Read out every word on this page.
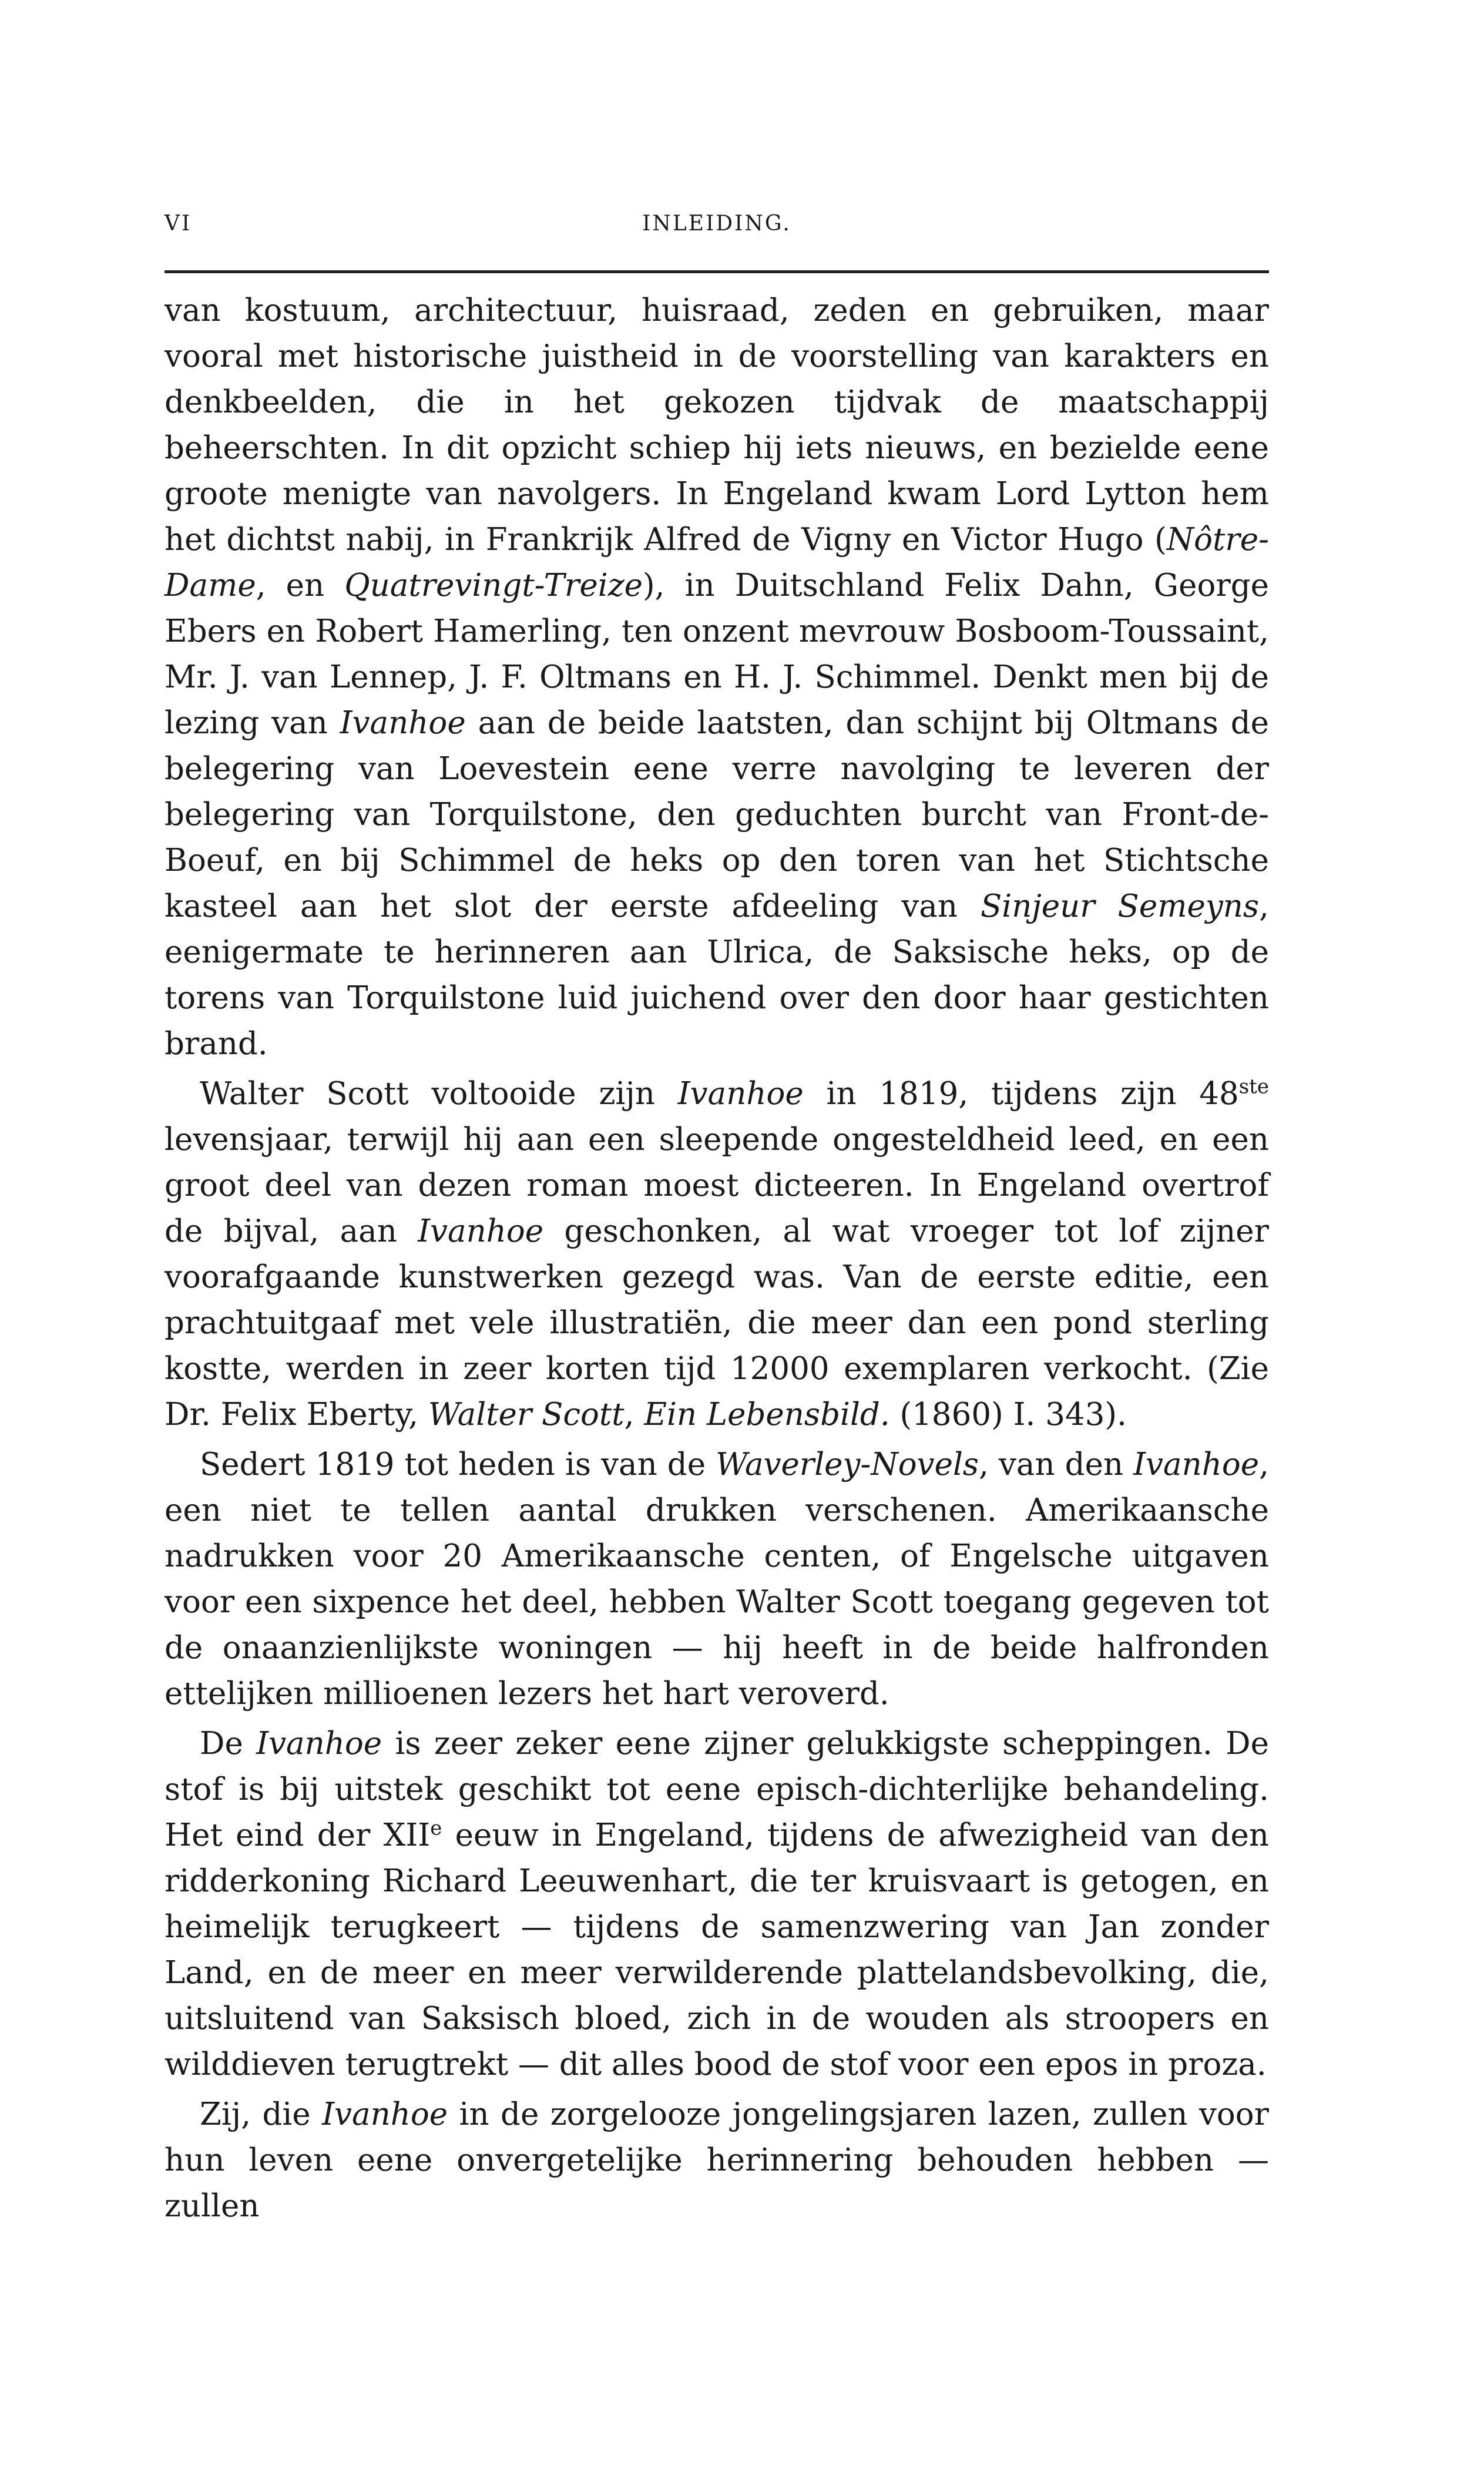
VI	INLEIDING.

van kostuum, architectuur, huisraad, zeden en gebruiken, maar vooral met historische juistheid in de voorstelling van karakters en denkbeelden, die in het gekozen tijdvak de maatschappij beheerschten. In dit opzicht schiep hij iets nieuws, en bezielde eene groote menigte van navolgers. In Engeland kwam Lord Lytton hem het dichtst nabij, in Frankrijk Alfred de Vigny en Victor Hugo (Nôtre-Dame, en Quatrevingt-Treize), in Duitschland Felix Dahn, George Ebers en Robert Hamerling, ten onzent mevrouw Bosboom-Toussaint, Mr. J. van Lennep, J. F. Oltmans en H. J. Schimmel. Denkt men bij de lezing van Ivanhoe aan de beide laatsten, dan schijnt bij Oltmans de belegering van Loevestein eene verre navolging te leveren der belegering van Torquilstone, den geduchten burcht van Front-de-Boeuf, en bij Schimmel de heks op den toren van het Stichtsche kasteel aan het slot der eerste afdeeling van Sinjeur Semeyns, eenigermate te herinneren aan Ulrica, de Saksische heks, op de torens van Torquilstone luid juichend over den door haar gestichten brand.

Walter Scott voltooide zijn Ivanhoe in 1819, tijdens zijn 48ste levensjaar, terwijl hij aan een sleepende ongesteldheid leed, en een groot deel van dezen roman moest dicteeren. In Engeland overtrof de bijval, aan Ivanhoe geschonken, al wat vroeger tot lof zijner voorafgaande kunstwerken gezegd was. Van de eerste editie, een prachtuitgaaf met vele illustratiën, die meer dan een pond sterling kostte, werden in zeer korten tijd 12000 exemplaren verkocht. (Zie Dr. Felix Eberty, Walter Scott, Ein Lebensbild. (1860) I. 343).

Sedert 1819 tot heden is van de Waverley-Novels, van den Ivanhoe, een niet te tellen aantal drukken verschenen. Amerikaansche nadrukken voor 20 Amerikaansche centen, of Engelsche uitgaven voor een sixpence het deel, hebben Walter Scott toegang gegeven tot de onaanzienlijkste woningen — hij heeft in de beide halfronden ettelijken millioenen lezers het hart veroverd.

De Ivanhoe is zeer zeker eene zijner gelukkigste scheppingen. De stof is bij uitstek geschikt tot eene episch-dichterlijke behandeling. Het eind der XIIe eeuw in Engeland, tijdens de afwezigheid van den ridderkoning Richard Leeuwenhart, die ter kruisvaart is getogen, en heimelijk terugkeert — tijdens de samenzwering van Jan zonder Land, en de meer en meer verwilderende plattelandsbevolking, die, uitsluitend van Saksisch bloed, zich in de wouden als stroopers en wilddieven terugtrekt — dit alles bood de stof voor een epos in proza.

Zij, die Ivanhoe in de zorgelooze jongelingsjaren lazen, zullen voor hun leven eene onvergetelijke herinnering behouden hebben — zullen
